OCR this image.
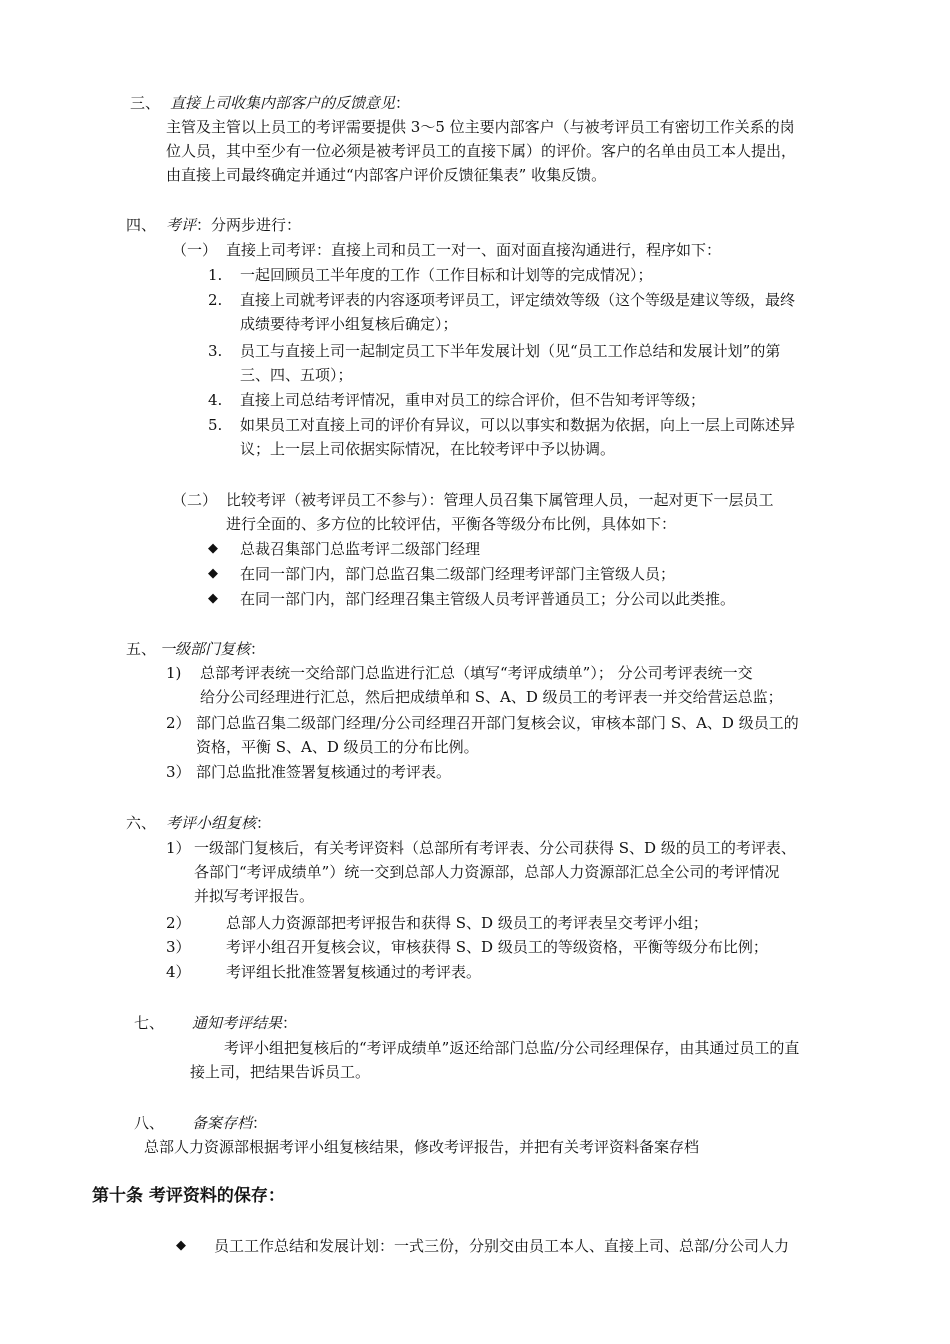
三、 直接上司收集内部客户的反馈意见：
主管及主管以上员工的考评需要提供 3～5 位主要内部客户（与被考评员工有密切工作关系的岗
位人员，其中至少有一位必须是被考评员工的直接下属）的评价。客户的名单由员工本人提出，
由直接上司最终确定并通过“内部客户评价反馈征集表” 收集反馈。
四、 考评：分两步进行：
（一） 直接上司考评：直接上司和员工一对一、面对面直接沟通进行，程序如下：
1. 一起回顾员工半年度的工作（工作目标和计划等的完成情况）；
2. 直接上司就考评表的内容逐项考评员工，评定绩效等级（这个等级是建议等级，最终
成绩要待考评小组复核后确定）；
3. 员工与直接上司一起制定员工下半年发展计划（见“员工工作总结和发展计划”的第
三、四、五项）；
4. 直接上司总结考评情况，重申对员工的综合评价，但不告知考评等级；
5. 如果员工对直接上司的评价有异议，可以以事实和数据为依据，向上一层上司陈述异
议；上一层上司依据实际情况，在比较考评中予以协调。
（二） 比较考评（被考评员工不参与）：管理人员召集下属管理人员，一起对更下一层员工
进行全面的、多方位的比较评估，平衡各等级分布比例，具体如下：
◆ 总裁召集部门总监考评二级部门经理
◆ 在同一部门内，部门总监召集二级部门经理考评部门主管级人员；
◆ 在同一部门内，部门经理召集主管级人员考评普通员工；分公司以此类推。
五、 一级部门复核：
1) 总部考评表统一交给部门总监进行汇总（填写“考评成绩单”）； 分公司考评表统一交
给分公司经理进行汇总，然后把成绩单和 S、A、D 级员工的考评表一并交给营运总监；
2） 部门总监召集二级部门经理/分公司经理召开部门复核会议，审核本部门 S、A、D 级员工的
资格，平衡 S、A、D 级员工的分布比例。
3） 部门总监批准签署复核通过的考评表。
六、 考评小组复核：
1） 一级部门复核后，有关考评资料（总部所有考评表、分公司获得 S、D 级的员工的考评表、
各部门“考评成绩单”）统一交到总部人力资源部，总部人力资源部汇总全公司的考评情况
并拟写考评报告。
2） 总部人力资源部把考评报告和获得 S、D 级员工的考评表呈交考评小组；
3） 考评小组召开复核会议，审核获得 S、D 级员工的等级资格，平衡等级分布比例；
4） 考评组长批准签署复核通过的考评表。
七、 通知考评结果：
考评小组把复核后的“考评成绩单”返还给部门总监/分公司经理保存，由其通过员工的直
接上司，把结果告诉员工。
八、 备案存档：
总部人力资源部根据考评小组复核结果，修改考评报告，并把有关考评资料备案存档
第十条 考评资料的保存：
◆ 员工工作总结和发展计划：一式三份，分别交由员工本人、直接上司、总部/分公司人力
